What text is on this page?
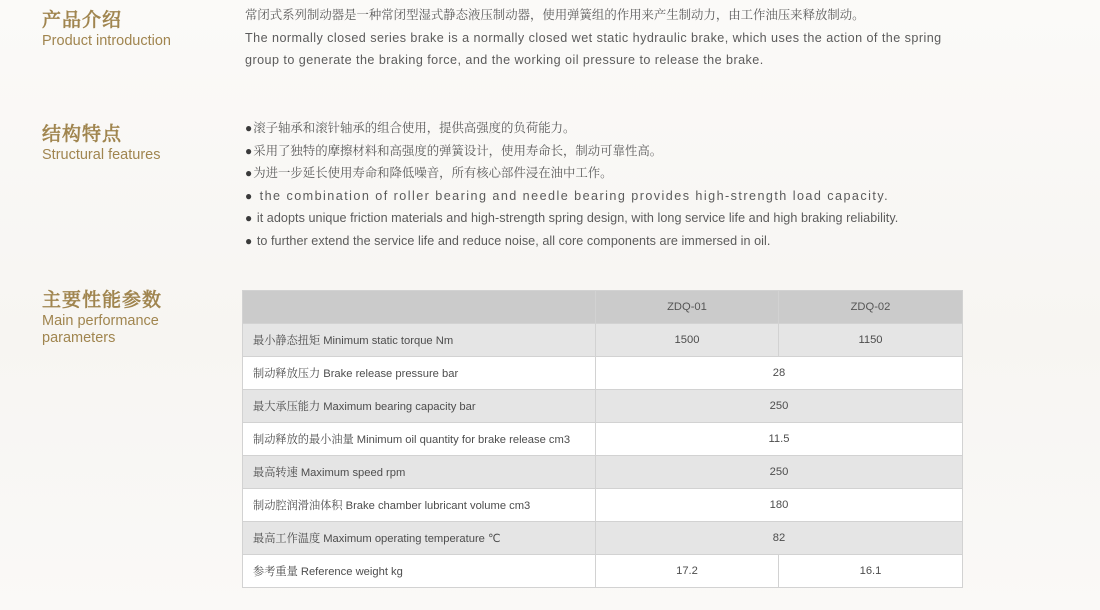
产品介绍
Product introduction
结构特点
Structural features
主要性能参数
Main performance
parameters
常闭式系列制动器是一种常闭型湿式静态液压制动器，使用弹簧组的作用来产生制动力，由工作油压来释放制动。
The normally closed series brake is a normally closed wet static hydraulic brake, which uses the action of the spring
group to generate the braking force, and the working oil pressure to release the brake.
●滚子轴承和滚针轴承的组合使用，提供高强度的负荷能力。
●采用了独特的摩擦材料和高强度的弹簧设计，使用寿命长，制动可靠性高。
●为进一步延长使用寿命和降低噪音，所有核心部件浸在油中工作。
● the combination of roller bearing and needle bearing provides high-strength load capacity.
● it adopts unique friction materials and high-strength spring design, with long service life and high braking reliability.
● to further extend the service life and reduce noise, all core components are immersed in oil.
	ZDQ-01	ZDQ-02
最小静态扭矩 Minimum static torque Nm	1500	1150
制动释放压力 Brake release pressure bar	28	
最大承压能力 Maximum bearing capacity bar	250	
制动释放的最小油量 Minimum oil quantity for brake release cm3	11.5	
最高转速 Maximum speed rpm	250	
制动腔润滑油体积 Brake chamber lubricant volume cm3	180	
最高工作温度 Maximum operating temperature ℃	82	
参考重量 Reference weight kg	17.2	16.1
